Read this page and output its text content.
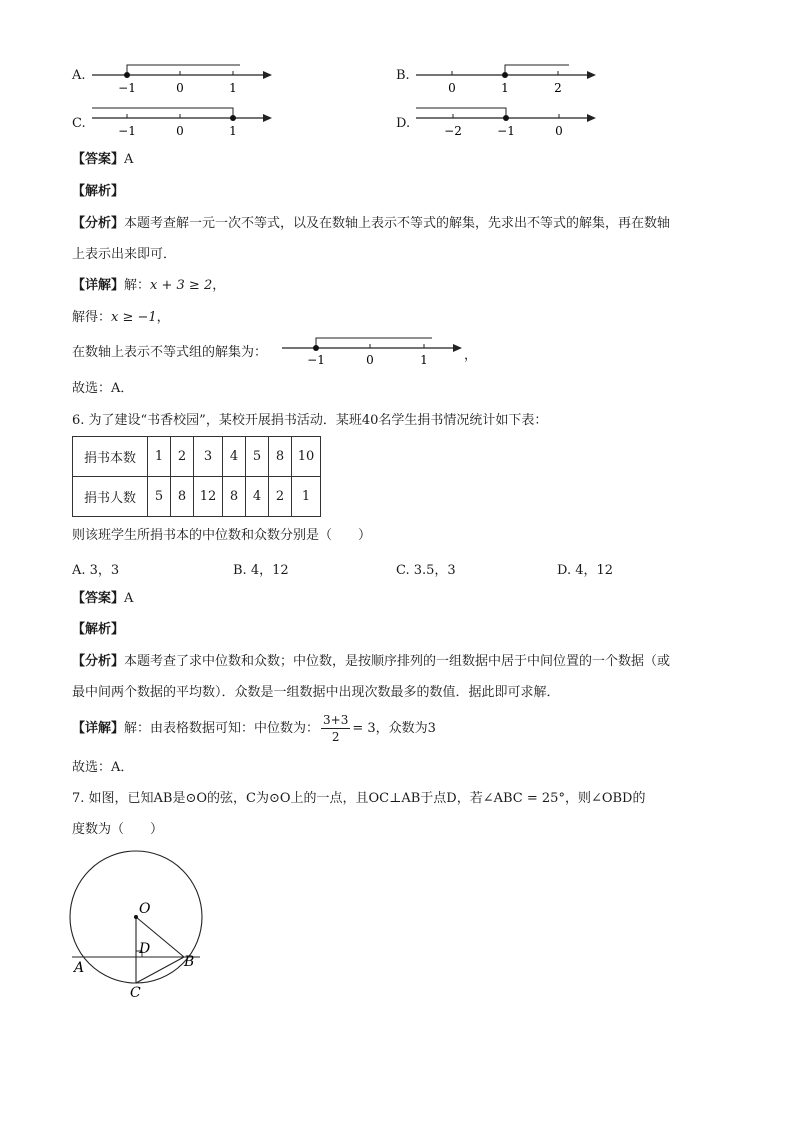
A.
−1	0	1
B.
0	1	2
C.	−1	0	1	D.	−2	−1	0
【答案】A
【解析】
【分析】本题考查解一元一次不等式，以及在数轴上表示不等式的解集，先求出不等式的解集，再在数轴
上表示出来即可．
【详解】解：x + 3 ≥ 2，
解得：x ≥ −1，
在数轴上表示不等式组的解集为：	−1	0	1	，
故选：A．
6. 为了建设“书香校园”，某校开展捐书活动．某班40名学生捐书情况统计如下表：
捐书本数	1	2	3	4	5	8	10
捐书人数	5	8	12	8	4	2	1
则该班学生所捐书本的中位数和众数分别是（　　）
A. 3，3	B. 4，12	C. 3.5，3	D. 4，12
【答案】A
【解析】
【分析】本题考查了求中位数和众数；中位数，是按顺序排列的一组数据中居于中间位置的一个数据（或
最中间两个数据的平均数）．众数是一组数据中出现次数最多的数值．据此即可求解．
【详解】解：由表格数据可知：中位数为： $\frac{3+3}{2} = 3$，众数为3
故选：A．
7. 如图，已知AB是⊙O的弦，C为⊙O上的一点，且OC⊥AB于点D，若∠ABC = 25°，则∠OBD的
度数为（　　）
O
D
A	B
C
